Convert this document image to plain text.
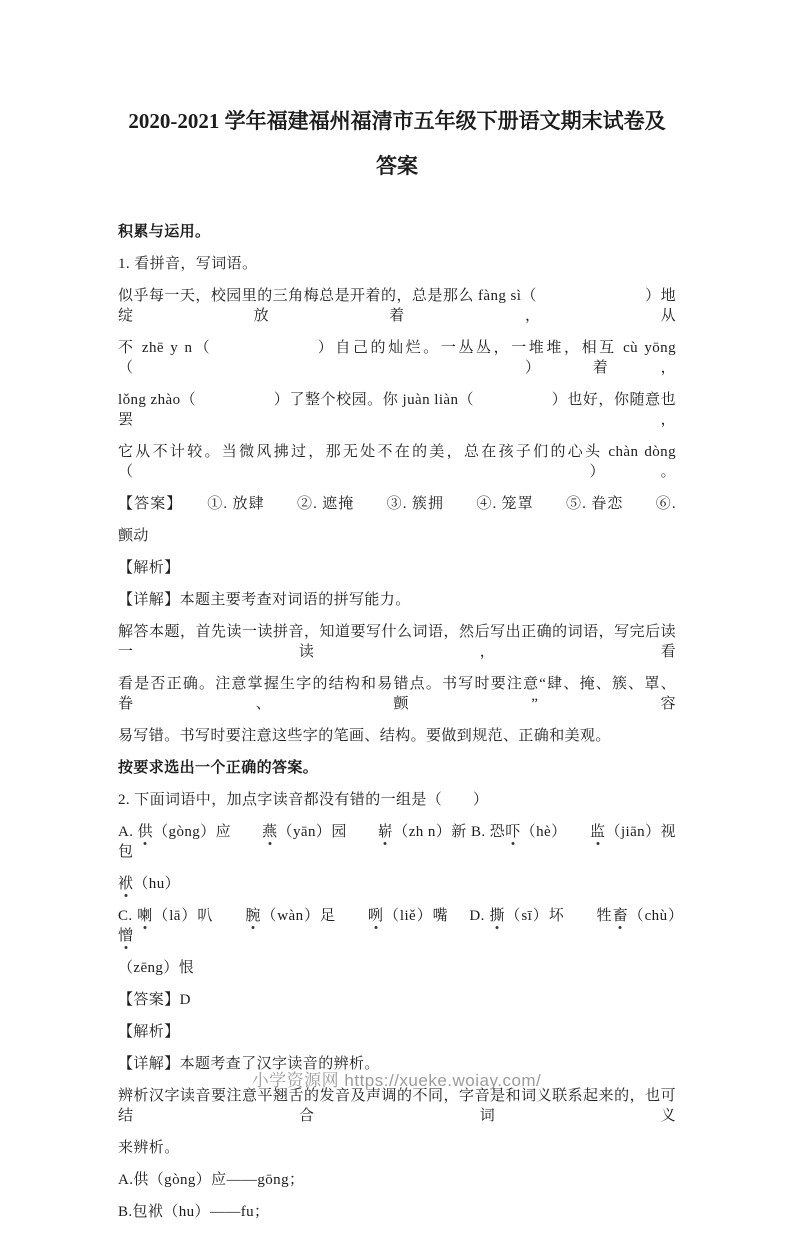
2020-2021 学年福建福州福清市五年级下册语文期末试卷及
答案

积累与运用。

1. 看拼音，写词语。

似乎每一天，校园里的三角梅总是开着的，总是那么 fàng sì（　　　　　　　）地绽放着，从

不 zhē y n（　　　　　　）自己的灿烂。一丛丛，一堆堆，相互 cù yōng（　　　　　）着，

lǒng zhào（　　　　　）了整个校园。你 juàn liàn（　　　　　）也好，你随意也罢，

它从不计较。当微风拂过，那无处不在的美，总在孩子们的心头 chàn dòng（　　　　　）。

【答案】　　①. 放肆　　②. 遮掩　　③. 簇拥　　④. 笼罩　　⑤. 眷恋　　⑥.

颤动

【解析】

【详解】本题主要考查对词语的拼写能力。

解答本题，首先读一读拼音，知道要写什么词语，然后写出正确的词语，写完后读一读，看

看是否正确。注意掌握生字的结构和易错点。书写时要注意“肆、掩、簇、罩、眷、颤”容

易写错。书写时要注意这些字的笔画、结构。要做到规范、正确和美观。

按要求选出一个正确的答案。

2. 下面词语中，加点字读音都没有错的一组是（　　）

A. 供（gòng）应　　燕（yān）园　　崭（zh n）新 B. 恐吓（hè）　　监（jiān）视　　包

袱（hu）

C. 喇（lā）叭　　腕（wàn）足　　咧（liě）嘴　 D. 撕（sī）坏　　牲畜（chù）　　憎

（zēng）恨

【答案】D

【解析】

【详解】本题考查了汉字读音的辨析。

辨析汉字读音要注意平翘舌的发音及声调的不同，字音是和词义联系起来的，也可结合词义

来辨析。

A.供（gòng）应——gōng；

B.包袱（hu）——fu；

小学资源网 https://xueke.woiay.com/
